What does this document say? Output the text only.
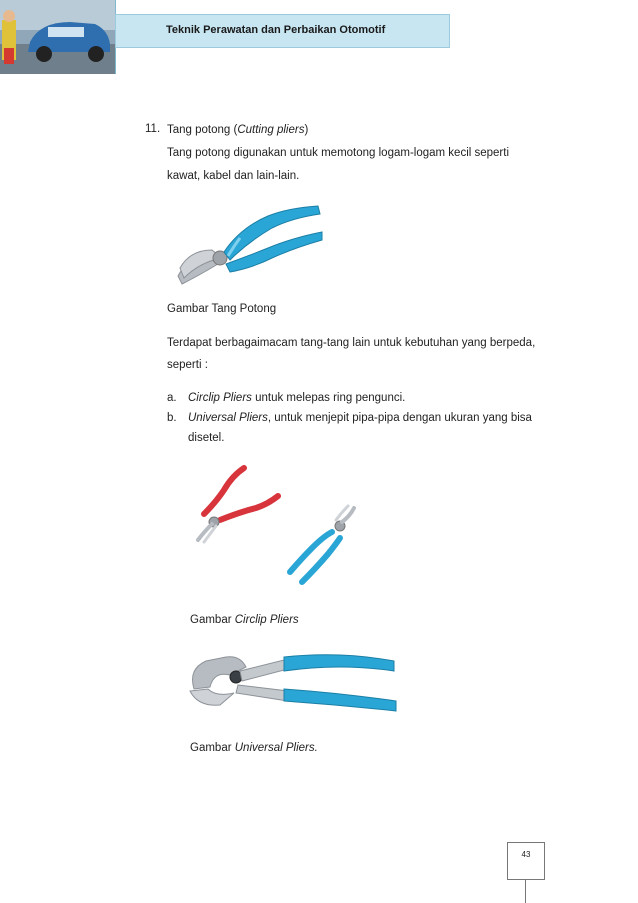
Teknik Perawatan dan Perbaikan Otomotif
11. Tang potong (Cutting pliers)
Tang potong digunakan untuk memotong logam-logam kecil seperti
kawat, kabel dan lain-lain.
Gambar Tang Potong
Terdapat berbagaimacam tang-tang lain untuk kebutuhan yang berpeda,
seperti :
a. Circlip Pliers untuk melepas ring pengunci.
b. Universal Pliers, untuk menjepit pipa-pipa dengan ukuran yang bisa
disetel.
Gambar Circlip Pliers
Gambar Universal Pliers.
43
